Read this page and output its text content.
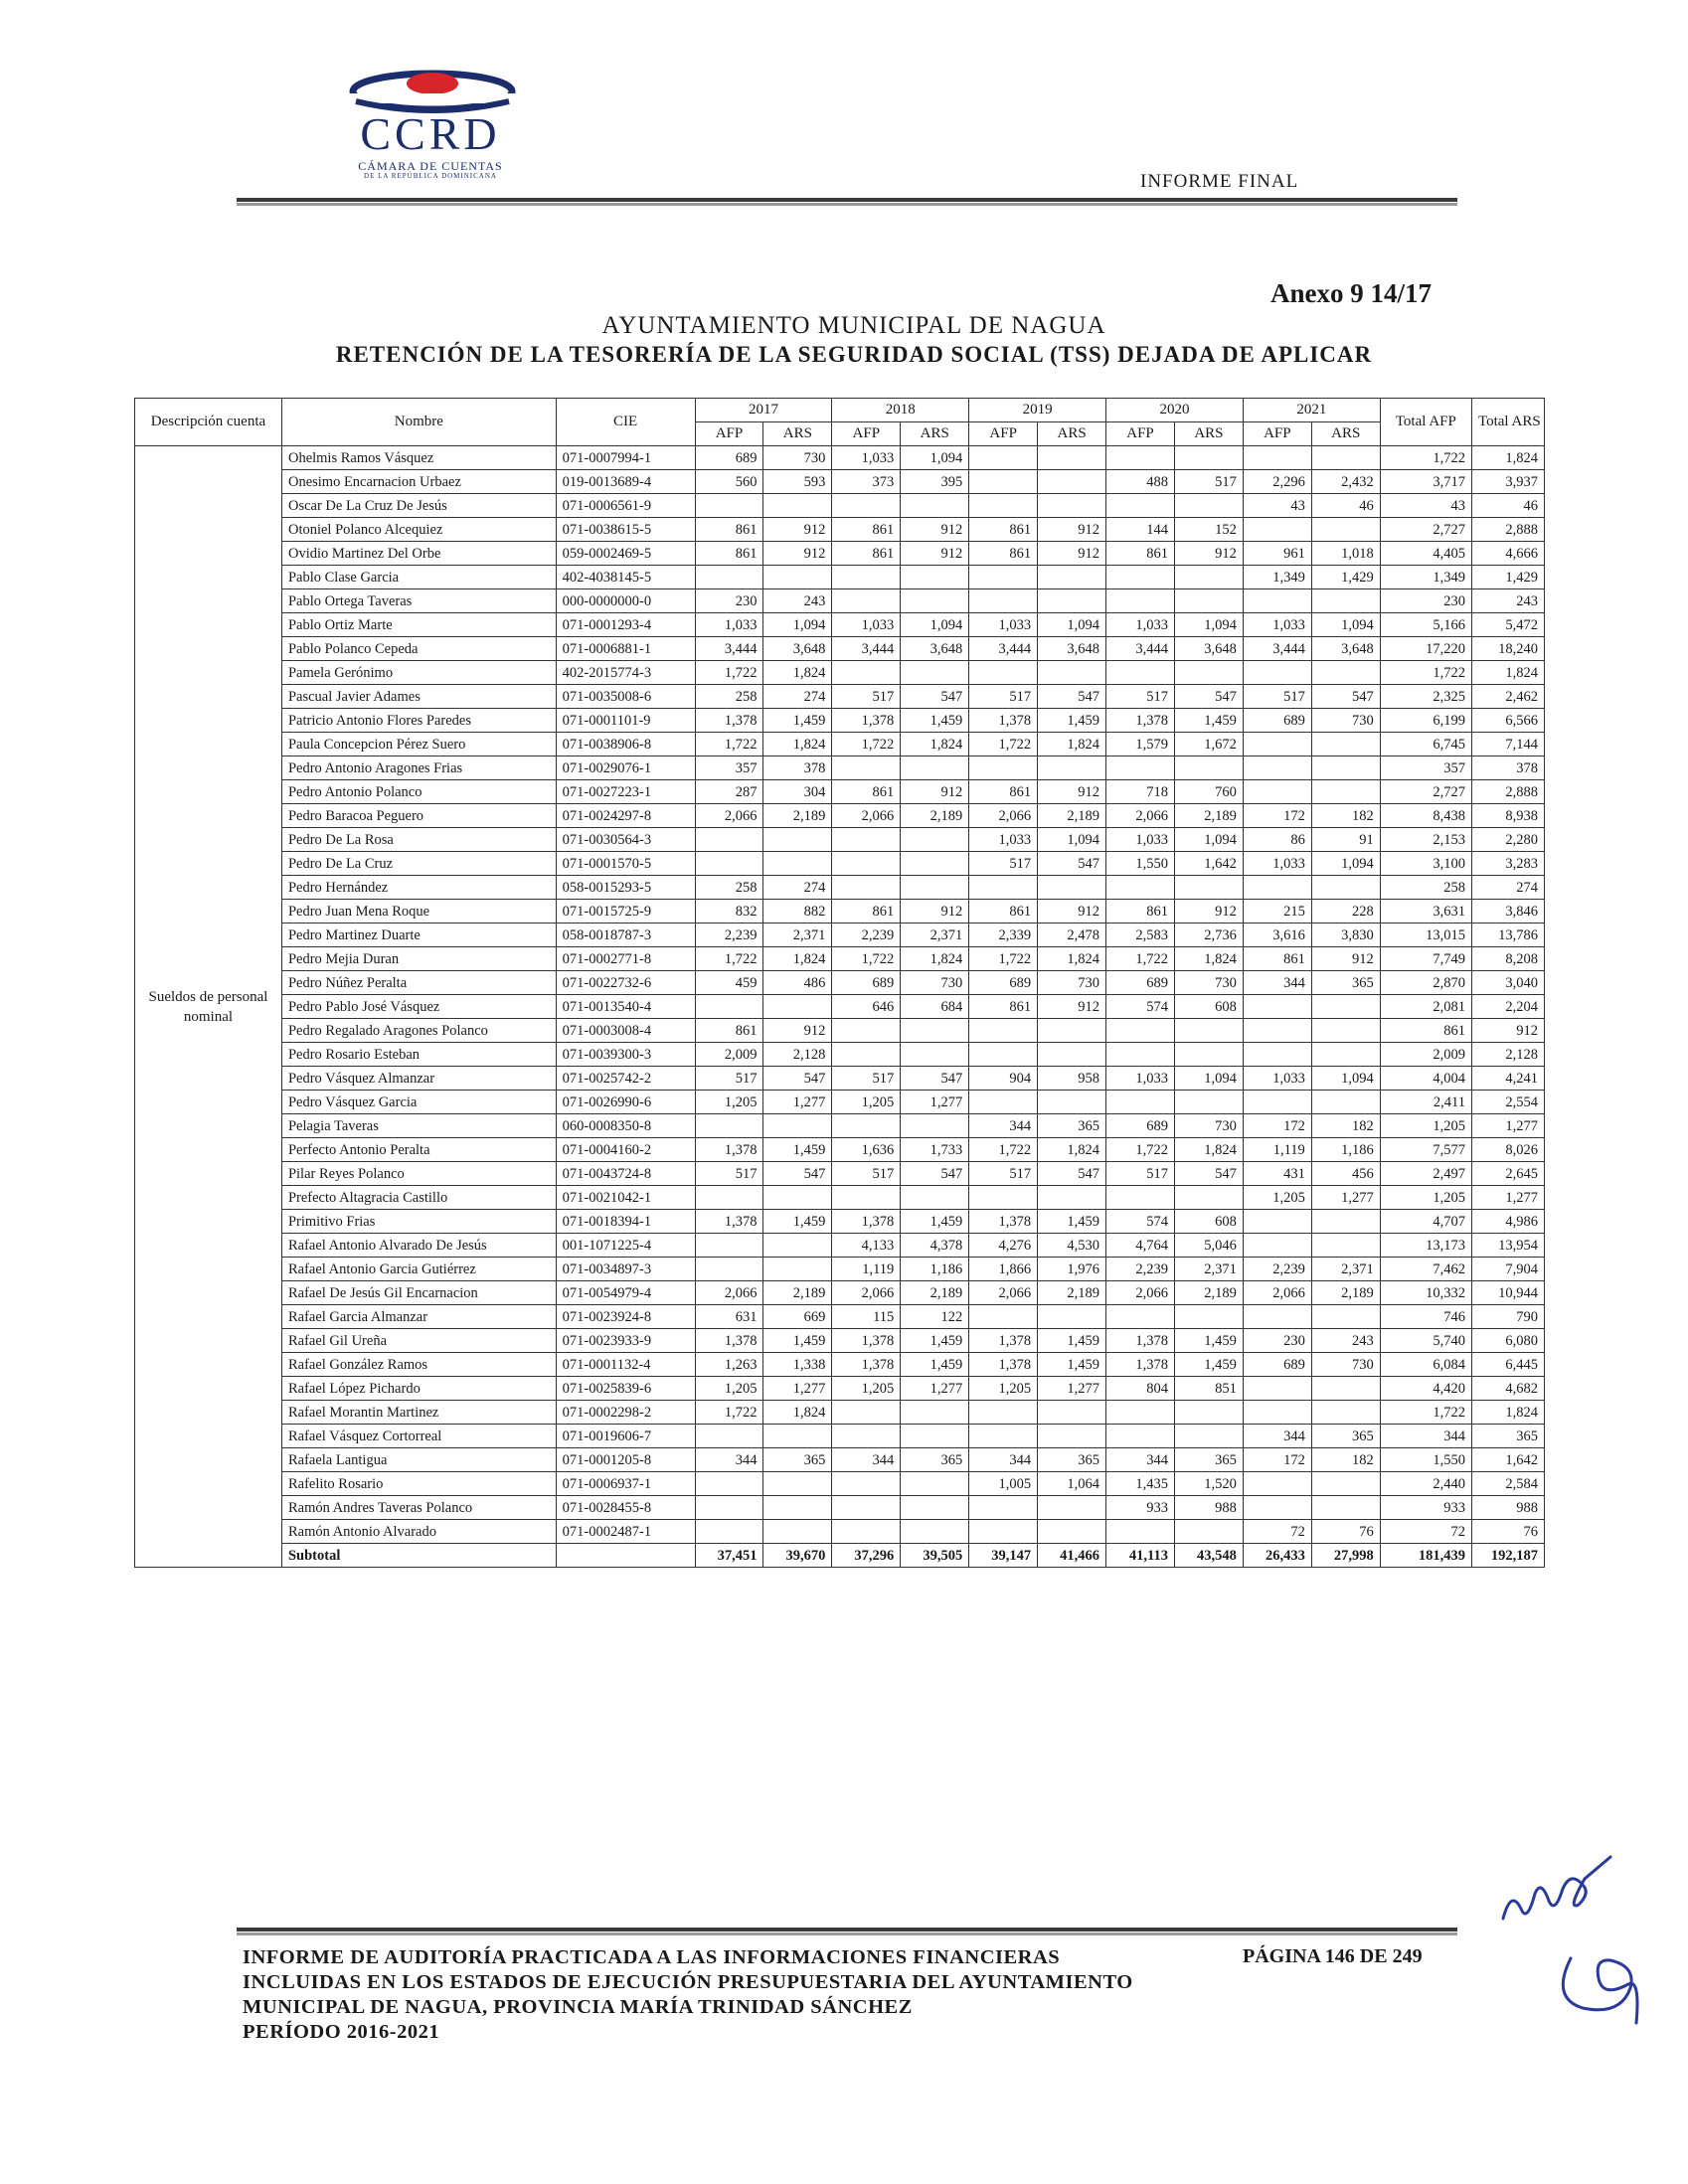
CCRD
CÁMARA DE CUENTAS
DE LA REPÚBLICA DOMINICANA	INFORME FINAL
Anexo 9 14/17
AYUNTAMIENTO MUNICIPAL DE NAGUA
RETENCIÓN DE LA TESORERÍA DE LA SEGURIDAD SOCIAL (TSS) DEJADA DE APLICAR
Descripción cuenta	Nombre	CIE	2017		2018		2019		2020		2021		Total AFP	Total ARS
			AFP	ARS	AFP	ARS	AFP	ARS	AFP	ARS	AFP	ARS		
Sueldos de personal nominal	Ohelmis Ramos Vásquez	071-0007994-1	689	730	1,033	1,094							1,722	1,824
	Onesimo Encarnacion Urbaez	019-0013689-4	560	593	373	395			488	517	2,296	2,432	3,717	3,937
	Oscar De La Cruz De Jesús	071-0006561-9									43	46	43	46
	Otoniel Polanco Alcequiez	071-0038615-5	861	912	861	912	861	912	144	152			2,727	2,888
	Ovidio Martinez Del Orbe	059-0002469-5	861	912	861	912	861	912	861	912	961	1,018	4,405	4,666
	Pablo Clase Garcia	402-4038145-5									1,349	1,429	1,349	1,429
	Pablo Ortega Taveras	000-0000000-0	230	243									230	243
	Pablo Ortiz Marte	071-0001293-4	1,033	1,094	1,033	1,094	1,033	1,094	1,033	1,094	1,033	1,094	5,166	5,472
	Pablo Polanco Cepeda	071-0006881-1	3,444	3,648	3,444	3,648	3,444	3,648	3,444	3,648	3,444	3,648	17,220	18,240
	Pamela Gerónimo	402-2015774-3	1,722	1,824									1,722	1,824
	Pascual Javier Adames	071-0035008-6	258	274	517	547	517	547	517	547	517	547	2,325	2,462
	Patricio Antonio Flores Paredes	071-0001101-9	1,378	1,459	1,378	1,459	1,378	1,459	1,378	1,459	689	730	6,199	6,566
	Paula Concepcion Pérez Suero	071-0038906-8	1,722	1,824	1,722	1,824	1,722	1,824	1,579	1,672			6,745	7,144
	Pedro Antonio Aragones Frias	071-0029076-1	357	378									357	378
	Pedro Antonio Polanco	071-0027223-1	287	304	861	912	861	912	718	760			2,727	2,888
	Pedro Baracoa Peguero	071-0024297-8	2,066	2,189	2,066	2,189	2,066	2,189	2,066	2,189	172	182	8,438	8,938
	Pedro De La Rosa	071-0030564-3					1,033	1,094	1,033	1,094	86	91	2,153	2,280
	Pedro De La Cruz	071-0001570-5					517	547	1,550	1,642	1,033	1,094	3,100	3,283
	Pedro Hernández	058-0015293-5	258	274									258	274
	Pedro Juan Mena Roque	071-0015725-9	832	882	861	912	861	912	861	912	215	228	3,631	3,846
	Pedro Martinez Duarte	058-0018787-3	2,239	2,371	2,239	2,371	2,339	2,478	2,583	2,736	3,616	3,830	13,015	13,786
	Pedro Mejia Duran	071-0002771-8	1,722	1,824	1,722	1,824	1,722	1,824	1,722	1,824	861	912	7,749	8,208
	Pedro Núñez Peralta	071-0022732-6	459	486	689	730	689	730	689	730	344	365	2,870	3,040
	Pedro Pablo José Vásquez	071-0013540-4			646	684	861	912	574	608			2,081	2,204
	Pedro Regalado Aragones Polanco	071-0003008-4	861	912									861	912
	Pedro Rosario Esteban	071-0039300-3	2,009	2,128									2,009	2,128
	Pedro Vásquez Almanzar	071-0025742-2	517	547	517	547	904	958	1,033	1,094	1,033	1,094	4,004	4,241
	Pedro Vásquez Garcia	071-0026990-6	1,205	1,277	1,205	1,277							2,411	2,554
	Pelagia Taveras	060-0008350-8					344	365	689	730	172	182	1,205	1,277
	Perfecto Antonio Peralta	071-0004160-2	1,378	1,459	1,636	1,733	1,722	1,824	1,722	1,824	1,119	1,186	7,577	8,026
	Pilar Reyes Polanco	071-0043724-8	517	547	517	547	517	547	517	547	431	456	2,497	2,645
	Prefecto Altagracia Castillo	071-0021042-1									1,205	1,277	1,205	1,277
	Primitivo Frias	071-0018394-1	1,378	1,459	1,378	1,459	1,378	1,459	574	608			4,707	4,986
	Rafael Antonio Alvarado De Jesús	001-1071225-4			4,133	4,378	4,276	4,530	4,764	5,046			13,173	13,954
	Rafael Antonio Garcia Gutiérrez	071-0034897-3			1,119	1,186	1,866	1,976	2,239	2,371	2,239	2,371	7,462	7,904
	Rafael De Jesús Gil Encarnacion	071-0054979-4	2,066	2,189	2,066	2,189	2,066	2,189	2,066	2,189	2,066	2,189	10,332	10,944
	Rafael Garcia Almanzar	071-0023924-8	631	669	115	122							746	790
	Rafael Gil Ureña	071-0023933-9	1,378	1,459	1,378	1,459	1,378	1,459	1,378	1,459	230	243	5,740	6,080
	Rafael González Ramos	071-0001132-4	1,263	1,338	1,378	1,459	1,378	1,459	1,378	1,459	689	730	6,084	6,445
	Rafael López Pichardo	071-0025839-6	1,205	1,277	1,205	1,277	1,205	1,277	804	851			4,420	4,682
	Rafael Morantin Martinez	071-0002298-2	1,722	1,824									1,722	1,824
	Rafael Vásquez Cortorreal	071-0019606-7									344	365	344	365
	Rafaela Lantigua	071-0001205-8	344	365	344	365	344	365	344	365	172	182	1,550	1,642
	Rafelito Rosario	071-0006937-1					1,005	1,064	1,435	1,520			2,440	2,584
	Ramón Andres Taveras Polanco	071-0028455-8							933	988			933	988
	Ramón Antonio Alvarado	071-0002487-1									72	76	72	76
	Subtotal		37,451	39,670	37,296	39,505	39,147	41,466	41,113	43,548	26,433	27,998	181,439	192,187
INFORME DE AUDITORÍA PRACTICADA A LAS INFORMACIONES FINANCIERAS
INCLUIDAS EN LOS ESTADOS DE EJECUCIÓN PRESUPUESTARIA DEL AYUNTAMIENTO
MUNICIPAL DE NAGUA, PROVINCIA MARÍA TRINIDAD SÁNCHEZ
PERÍODO 2016-2021
PÁGINA 146 DE 249
